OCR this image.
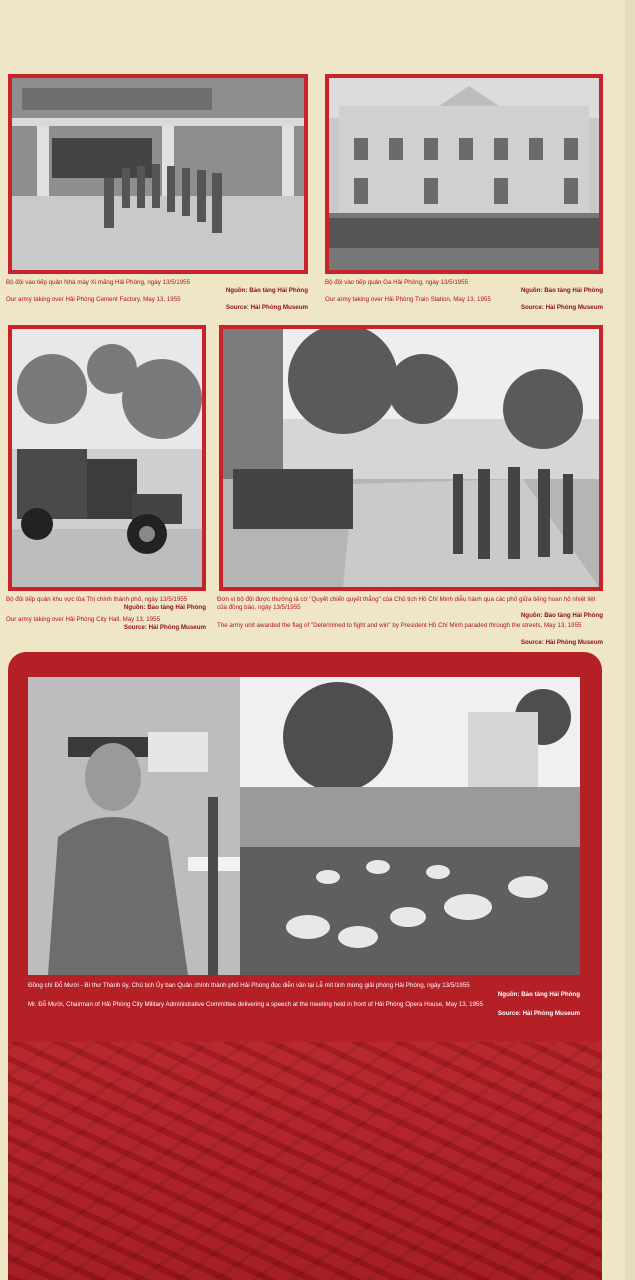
Bộ đội vào tiếp quản Nhà máy Xi măng Hải Phòng, ngày 13/5/1955
Nguồn: Bảo tàng Hải Phòng
Our army taking over Hải Phòng Cement Factory, May 13, 1955
Source: Hải Phòng Museum
Bộ đội vào tiếp quản Ga Hải Phòng, ngày 13/5/1955
Nguồn: Bảo tàng Hải Phòng
Our army taking over Hải Phòng Train Station, May 13, 1955
Source: Hải Phòng Museum
Bộ đội tiếp quản khu vực tòa Thị chính thành phố, ngày 13/5/1955
Nguồn: Bảo tàng Hải Phòng
Our army taking over Hải Phòng City Hall, May 13, 1955
Source: Hải Phòng Museum
Đơn vị bộ đội được thưởng lá cờ "Quyết chiến quyết thắng" của Chủ tịch Hồ Chí Minh diễu hành qua các phố giữa tiếng hoan hô nhiệt liệt của đồng bào, ngày 13/5/1955
Nguồn: Bảo tàng Hải Phòng
The army unit awarded the flag of "Determined to fight and win" by President Hồ Chí Minh paraded through the streets, May 13, 1955
Source: Hải Phòng Museum
Đồng chí Đỗ Mười - Bí thư Thành ủy, Chủ tịch Ủy ban Quân chính thành phố Hải Phòng đọc diễn văn tại Lễ mít tinh mừng giải phóng Hải Phòng, ngày 13/5/1955
Nguồn: Bảo tàng Hải Phòng
Mr. Đỗ Mười, Chairman of Hải Phòng City Military Administrative Committee delivering a speech at the meeting held in front of Hải Phòng Opera House, May 13, 1955
Source: Hải Phòng Museum
